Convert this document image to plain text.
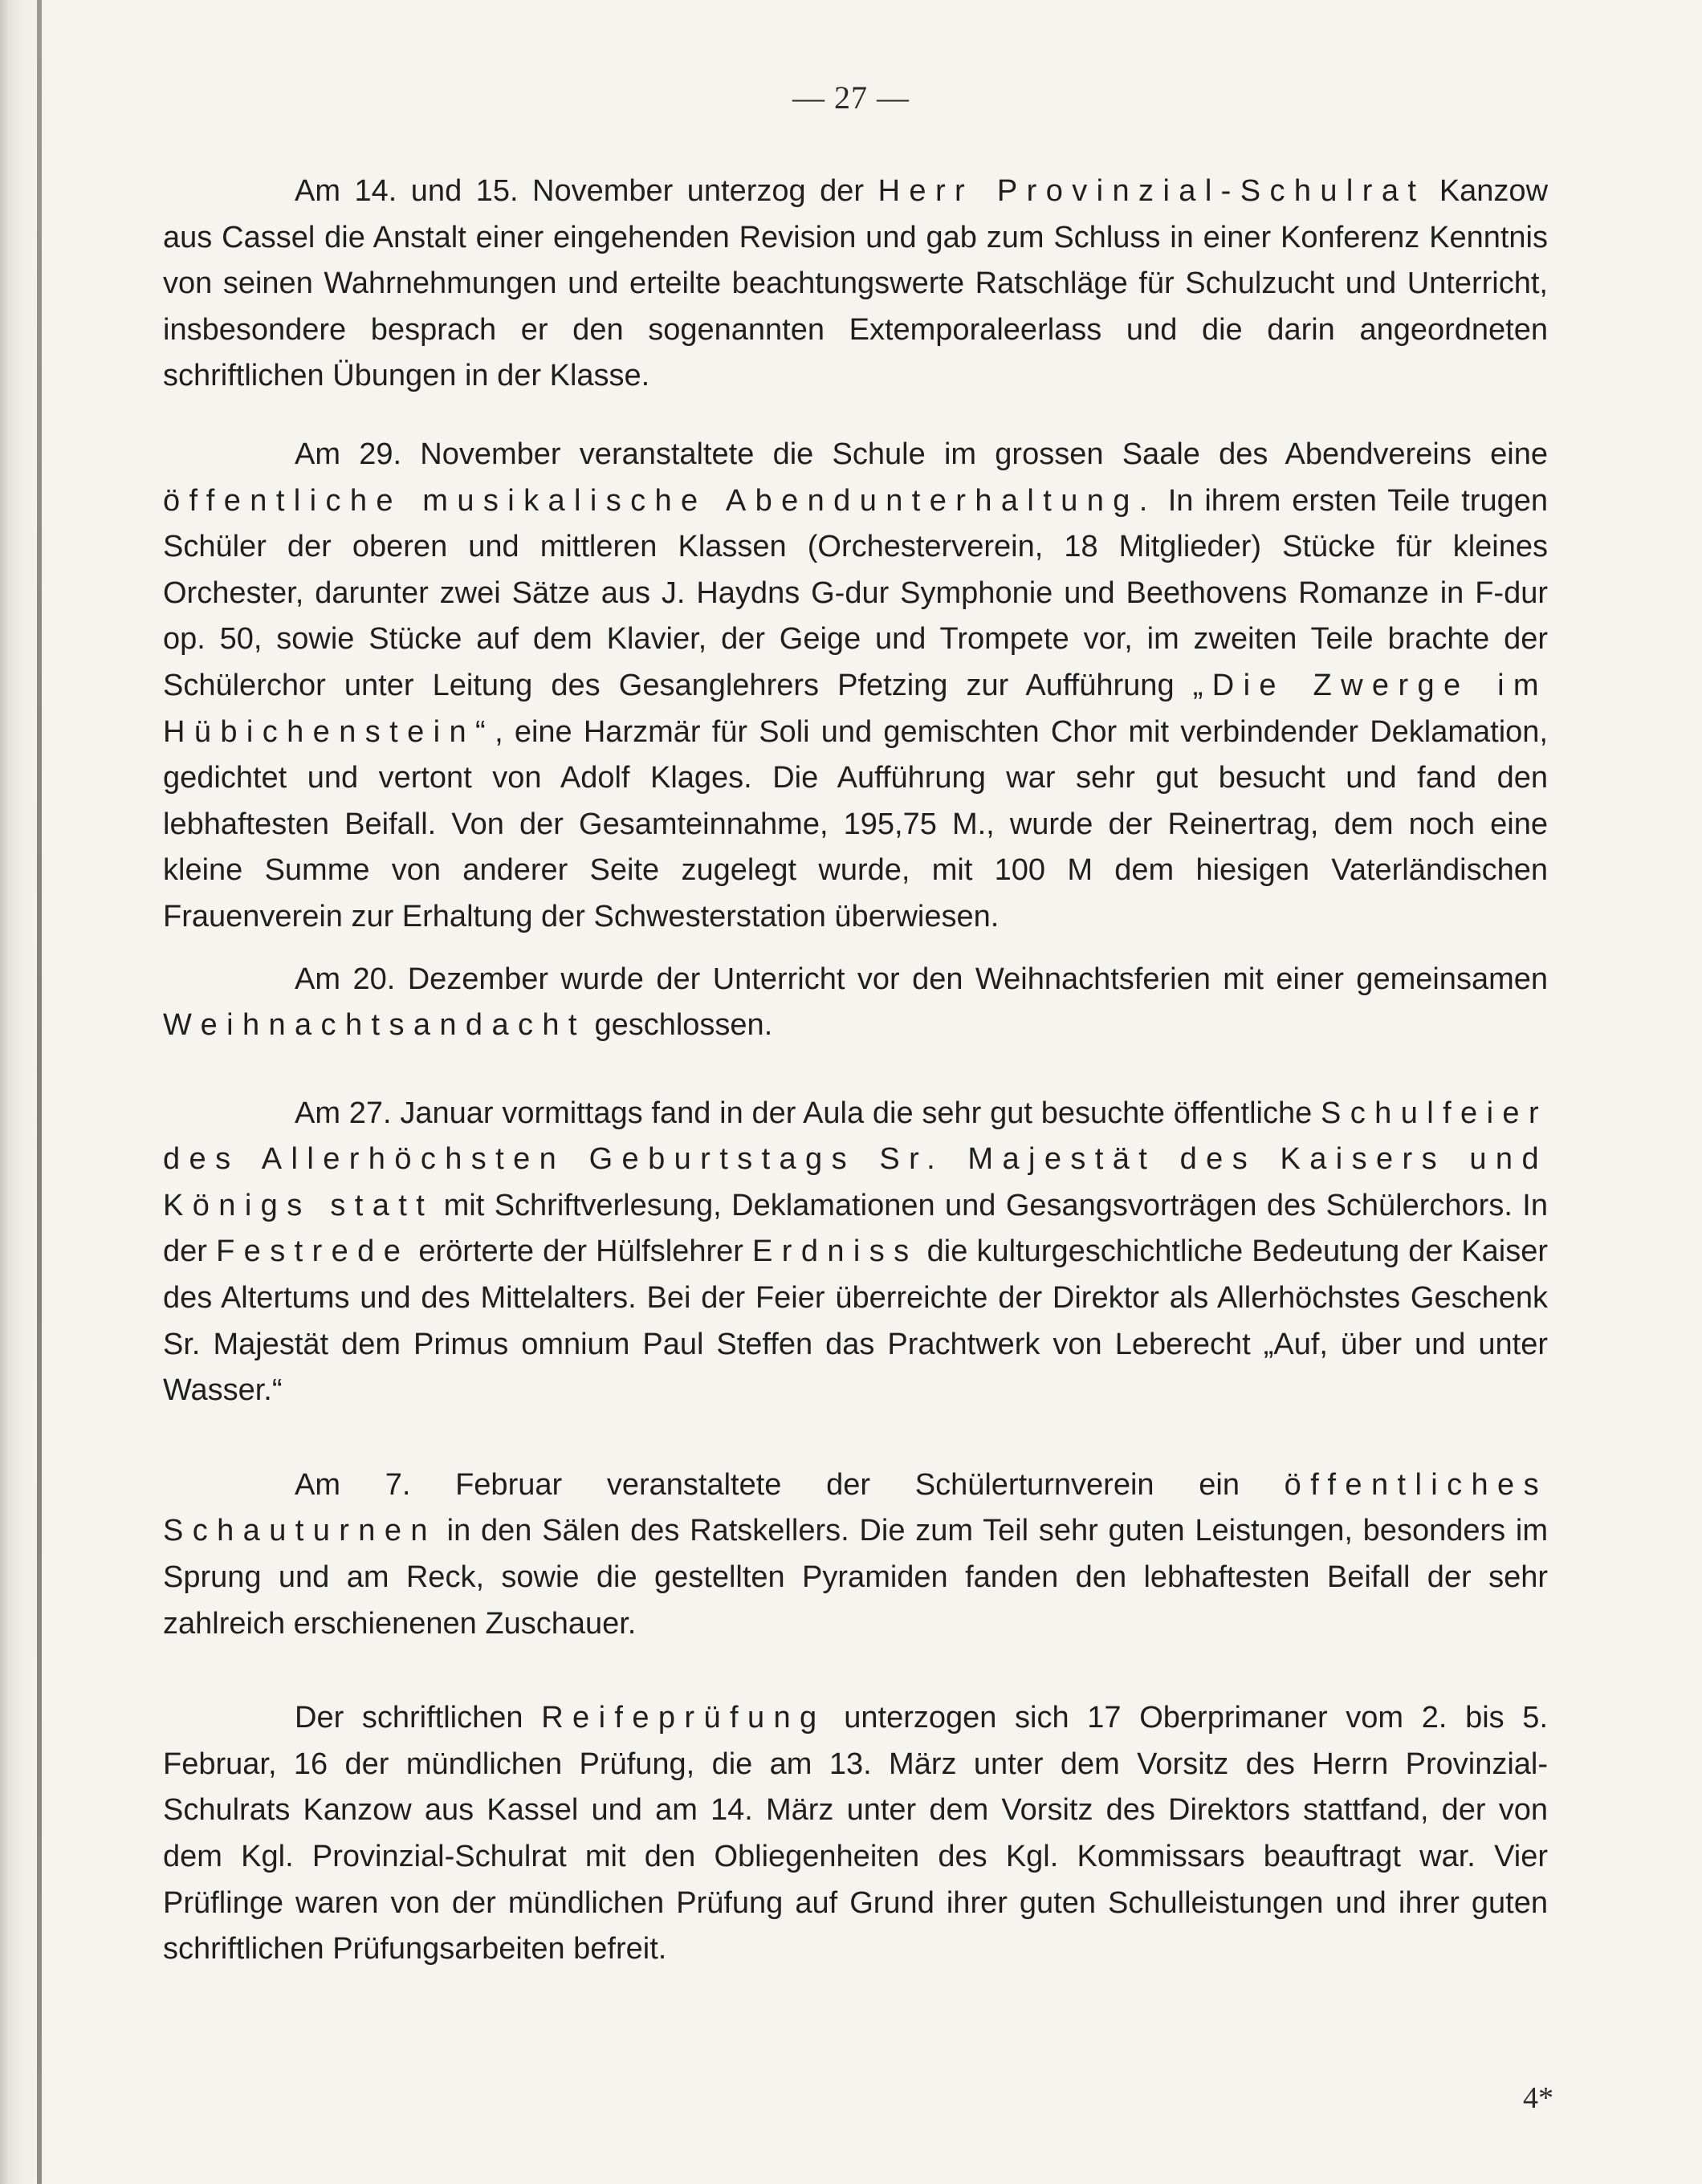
— 27 —

Am 14. und 15. November unterzog der Herr Provinzial-Schulrat Kanzow aus Cassel die Anstalt einer eingehenden Revision und gab zum Schluss in einer Konferenz Kenntnis von seinen Wahrnehmungen und erteilte beachtungswerte Ratschläge für Schulzucht und Unterricht, insbesondere besprach er den sogenannten Extemporaleerlass und die darin angeordneten schriftlichen Übungen in der Klasse.

Am 29. November veranstaltete die Schule im grossen Saale des Abendvereins eine öffentliche musikalische Abendunterhaltung. In ihrem ersten Teile trugen Schüler der oberen und mittleren Klassen (Orchesterverein, 18 Mitglieder) Stücke für kleines Orchester, darunter zwei Sätze aus J. Haydns G-dur Symphonie und Beethovens Romanze in F-dur op. 50, sowie Stücke auf dem Klavier, der Geige und Trompete vor, im zweiten Teile brachte der Schülerchor unter Leitung des Gesanglehrers Pfetzing zur Aufführung „Die Zwerge im Hübichenstein“, eine Harzmär für Soli und gemischten Chor mit verbindender Deklamation, gedichtet und vertont von Adolf Klages. Die Aufführung war sehr gut besucht und fand den lebhaftesten Beifall. Von der Gesamteinnahme, 195,75 M., wurde der Reinertrag, dem noch eine kleine Summe von anderer Seite zugelegt wurde, mit 100 M dem hiesigen Vaterländischen Frauenverein zur Erhaltung der Schwesterstation überwiesen.

Am 20. Dezember wurde der Unterricht vor den Weihnachtsferien mit einer gemeinsamen Weihnachtsandacht geschlossen.

Am 27. Januar vormittags fand in der Aula die sehr gut besuchte öffentliche Schulfeier des Allerhöchsten Geburtstags Sr. Majestät des Kaisers und Königs statt mit Schriftverlesung, Deklamationen und Gesangsvorträgen des Schülerchors. In der Festrede erörterte der Hülfslehrer Erdniss die kulturgeschichtliche Bedeutung der Kaiser des Altertums und des Mittelalters. Bei der Feier überreichte der Direktor als Allerhöchstes Geschenk Sr. Majestät dem Primus omnium Paul Steffen das Prachtwerk von Leberecht „Auf, über und unter Wasser.“

Am 7. Februar veranstaltete der Schülerturnverein ein öffentliches Schauturnen in den Sälen des Ratskellers. Die zum Teil sehr guten Leistungen, besonders im Sprung und am Reck, sowie die gestellten Pyramiden fanden den lebhaftesten Beifall der sehr zahlreich erschienenen Zuschauer.

Der schriftlichen Reifeprüfung unterzogen sich 17 Oberprimaner vom 2. bis 5. Februar, 16 der mündlichen Prüfung, die am 13. März unter dem Vorsitz des Herrn Provinzial-Schulrats Kanzow aus Kassel und am 14. März unter dem Vorsitz des Direktors stattfand, der von dem Kgl. Provinzial-Schulrat mit den Obliegenheiten des Kgl. Kommissars beauftragt war. Vier Prüflinge waren von der mündlichen Prüfung auf Grund ihrer guten Schulleistungen und ihrer guten schriftlichen Prüfungsarbeiten befreit.

4*
